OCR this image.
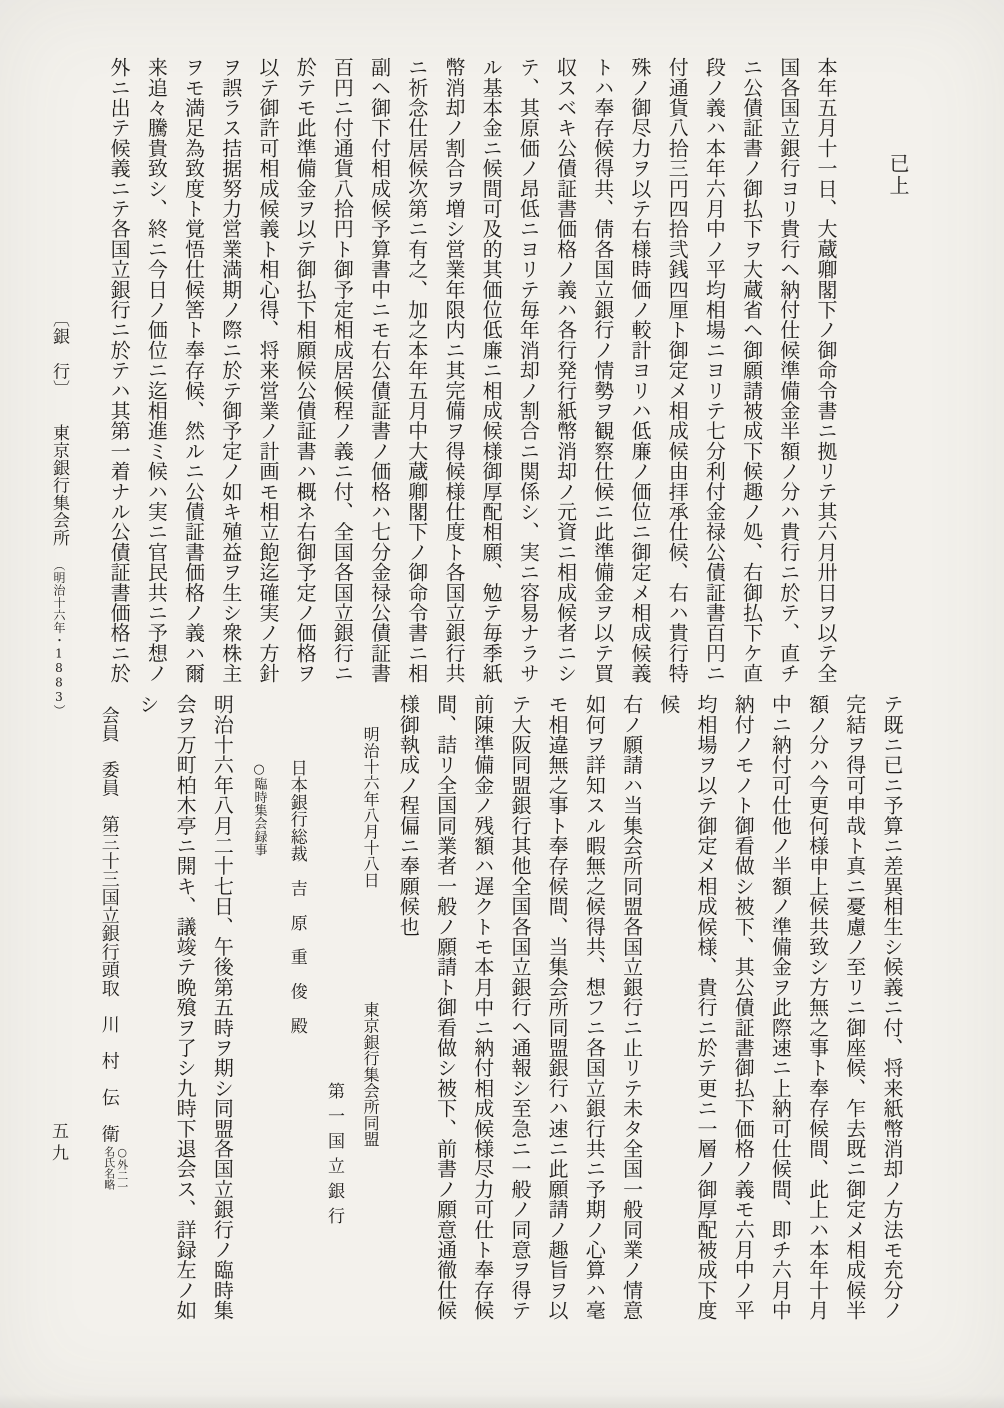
已上
本年五月十一日、大蔵卿閣下ノ御命令書ニ拠リテ其六月卅日ヲ以テ全
国各国立銀行ヨリ貴行ヘ納付仕候準備金半額ノ分ハ貴行ニ於テ、直チ
ニ公債証書ノ御払下ヲ大蔵省ヘ御願請被成下候趣ノ処、右御払下ケ直
段ノ義ハ本年六月中ノ平均相場ニヨリテ七分利付金禄公債証書百円ニ
付通貨八拾三円四拾弐銭四厘ト御定メ相成候由拝承仕候、右ハ貴行特
殊ノ御尽力ヲ以テ右様時価ノ較計ヨリハ低廉ノ価位ニ御定メ相成候義
トハ奉存候得共、倩各国立銀行ノ情勢ヲ観察仕候ニ此準備金ヲ以テ買
収スベキ公債証書価格ノ義ハ各行発行紙幣消却ノ元資ニ相成候者ニシ
テ、其原価ノ昂低ニヨリテ毎年消却ノ割合ニ関係シ、実ニ容易ナラサ
ル基本金ニ候間可及的其価位低廉ニ相成候様御厚配相願、勉テ毎季紙
幣消却ノ割合ヲ増シ営業年限内ニ其完備ヲ得候様仕度ト各国立銀行共
ニ祈念仕居候次第ニ有之、加之本年五月中大蔵卿閣下ノ御命令書ニ相
副ヘ御下付相成候予算書中ニモ右公債証書ノ価格ハ七分金禄公債証書
百円ニ付通貨八拾円ト御予定相成居候程ノ義ニ付、全国各国立銀行ニ
於テモ此準備金ヲ以テ御払下相願候公債証書ハ概ネ右御予定ノ価格ヲ
以テ御許可相成候義ト相心得、将来営業ノ計画モ相立飽迄確実ノ方針
ヲ誤ラス拮据努力営業満期ノ際ニ於テ御予定ノ如キ殖益ヲ生シ衆株主
ヲモ満足為致度ト覚悟仕候筈ト奉存候、然ルニ公債証書価格ノ義ハ爾
来追々騰貴致シ、終ニ今日ノ価位ニ迄相進ミ候ハ実ニ官民共ニ予想ノ
外ニ出テ候義ニテ各国立銀行ニ於テハ其第一着ナル公債証書価格ニ於
テ既ニ已ニ予算ニ差異相生シ候義ニ付、将来紙幣消却ノ方法モ充分ノ
完結ヲ得可申哉ト真ニ憂慮ノ至リニ御座候、乍去既ニ御定メ相成候半
額ノ分ハ今更何様申上候共致シ方無之事ト奉存候間、此上ハ本年十月
中ニ納付可仕他ノ半額ノ準備金ヲ此際速ニ上納可仕候間、即チ六月中
納付ノモノト御看做シ被下、其公債証書御払下価格ノ義モ六月中ノ平
均相場ヲ以テ御定メ相成候様、貴行ニ於テ更ニ一層ノ御厚配被成下度
候
右ノ願請ハ当集会所同盟各国立銀行ニ止リテ未タ全国一般同業ノ情意
如何ヲ詳知スル暇無之候得共、想フニ各国立銀行共ニ予期ノ心算ハ毫
モ相違無之事ト奉存候間、当集会所同盟銀行ハ速ニ此願請ノ趣旨ヲ以
テ大阪同盟銀行其他全国各国立銀行ヘ通報シ至急ニ一般ノ同意ヲ得テ
前陳準備金ノ残額ハ遅クトモ本月中ニ納付相成候様尽力可仕ト奉存候
間、詰リ全国同業者一般ノ願請ト御看做シ被下、前書ノ願意通徹仕候
様御執成ノ程偏ニ奉願候也
明治十六年八月十八日　　　　　　　東京銀行集会所同盟
第一国立銀行
日本銀行総裁　吉　原　重　俊　殿
○臨時集会録事
明治十六年八月二十七日、午後第五時ヲ期シ同盟各国立銀行ノ臨時集
会ヲ万町柏木亭ニ開キ、議竣テ晩飱ヲ了シ九時下退会ス、詳録左ノ如
シ
会員　委員　第三十三国立銀行頭取　川　村　伝　衛
○外二一
名氏名略

〔銀　行〕　　東京銀行集会所（明治十六年・1883）

五九
